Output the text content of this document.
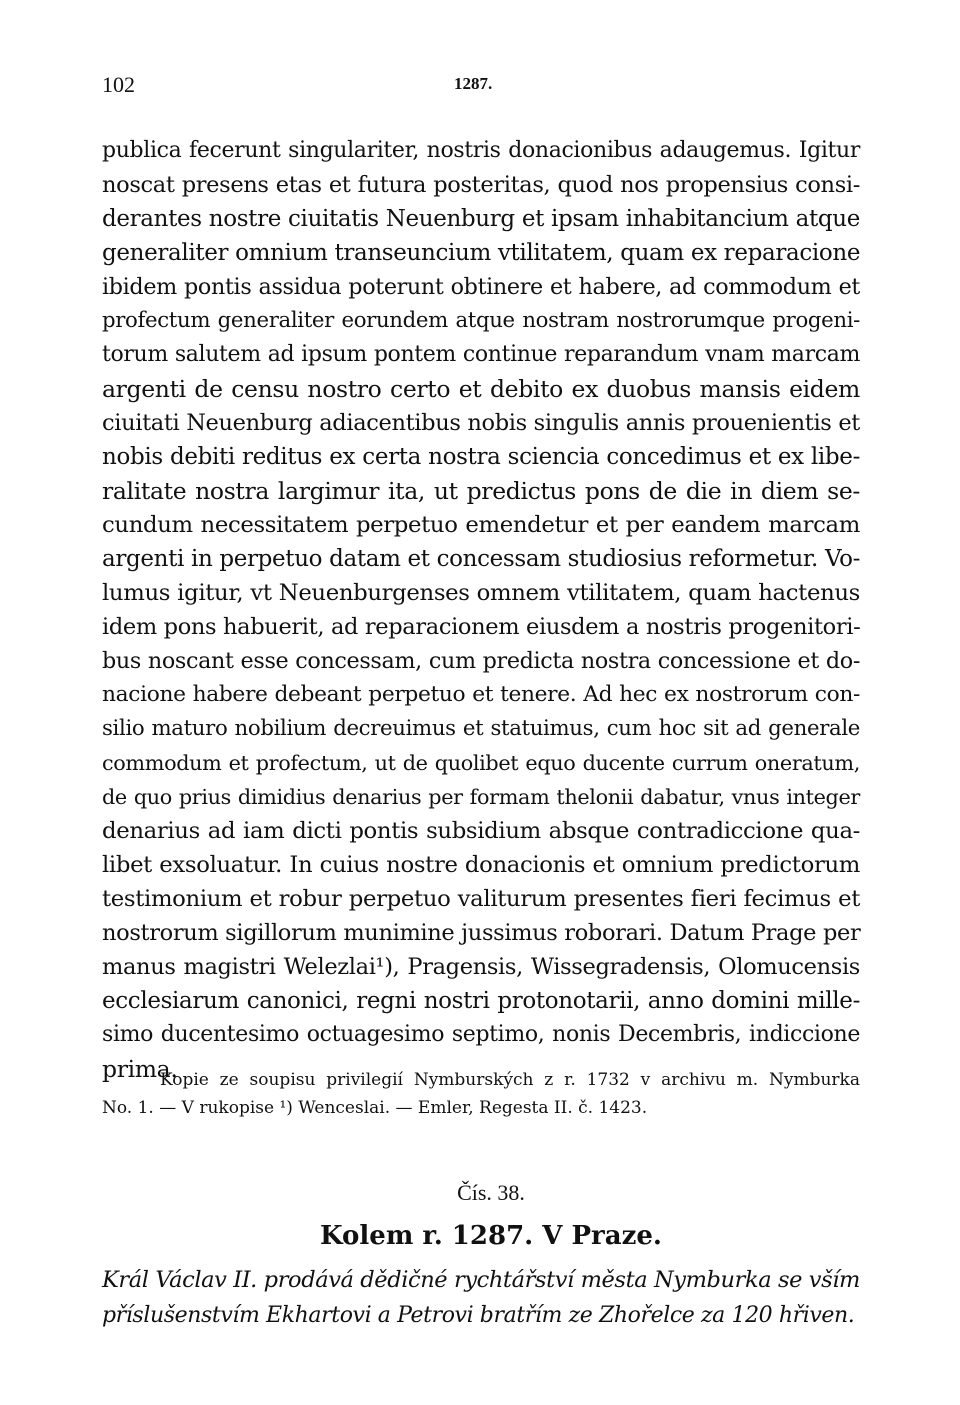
102	1287.
publica fecerunt singulariter, nostris donacionibus adaugemus. Igitur
noscat presens etas et futura posteritas, quod nos propensius consi-
derantes nostre ciuitatis Neuenburg et ipsam inhabitancium atque
generaliter omnium transeuncium vtilitatem, quam ex reparacione
ibidem pontis assidua poterunt obtinere et habere, ad commodum et
profectum generaliter eorundem atque nostram nostrorumque progeni-
torum salutem ad ipsum pontem continue reparandum vnam marcam
argenti de censu nostro certo et debito ex duobus mansis eidem
ciuitati Neuenburg adiacentibus nobis singulis annis prouenientis et
nobis debiti reditus ex certa nostra sciencia concedimus et ex libe-
ralitate nostra largimur ita, ut predictus pons de die in diem se-
cundum necessitatem perpetuo emendetur et per eandem marcam
argenti in perpetuo datam et concessam studiosius reformetur. Vo-
lumus igitur, vt Neuenburgenses omnem vtilitatem, quam hactenus
idem pons habuerit, ad reparacionem eiusdem a nostris progenitori-
bus noscant esse concessam, cum predicta nostra concessione et do-
nacione habere debeant perpetuo et tenere. Ad hec ex nostrorum con-
silio maturo nobilium decreuimus et statuimus, cum hoc sit ad generale
commodum et profectum, ut de quolibet equo ducente currum oneratum,
de quo prius dimidius denarius per formam thelonii dabatur, vnus integer
denarius ad iam dicti pontis subsidium absque contradiccione qua-
libet exsoluatur. In cuius nostre donacionis et omnium predictorum
testimonium et robur perpetuo valiturum presentes fieri fecimus et
nostrorum sigillorum munimine jussimus roborari. Datum Prage per
manus magistri Welezlai¹), Pragensis, Wissegradensis, Olomucensis
ecclesiarum canonici, regni nostri protonotarii, anno domini mille-
simo ducentesimo octuagesimo septimo, nonis Decembris, indiccione
prima.
Kopie ze soupisu privilegií Nymburských z r. 1732 v archivu m. Nymburka
No. 1. — V rukopise ¹) Wenceslai. — Emler, Regesta II. č. 1423.
Čís. 38.
Kolem r. 1287. V Praze.
Král Václav II. prodává dědičné rychtářství města Nymburka se vším
příslušenstvím Ekhartovi a Petrovi bratřím ze Zhořelce za 120 hřiven.
